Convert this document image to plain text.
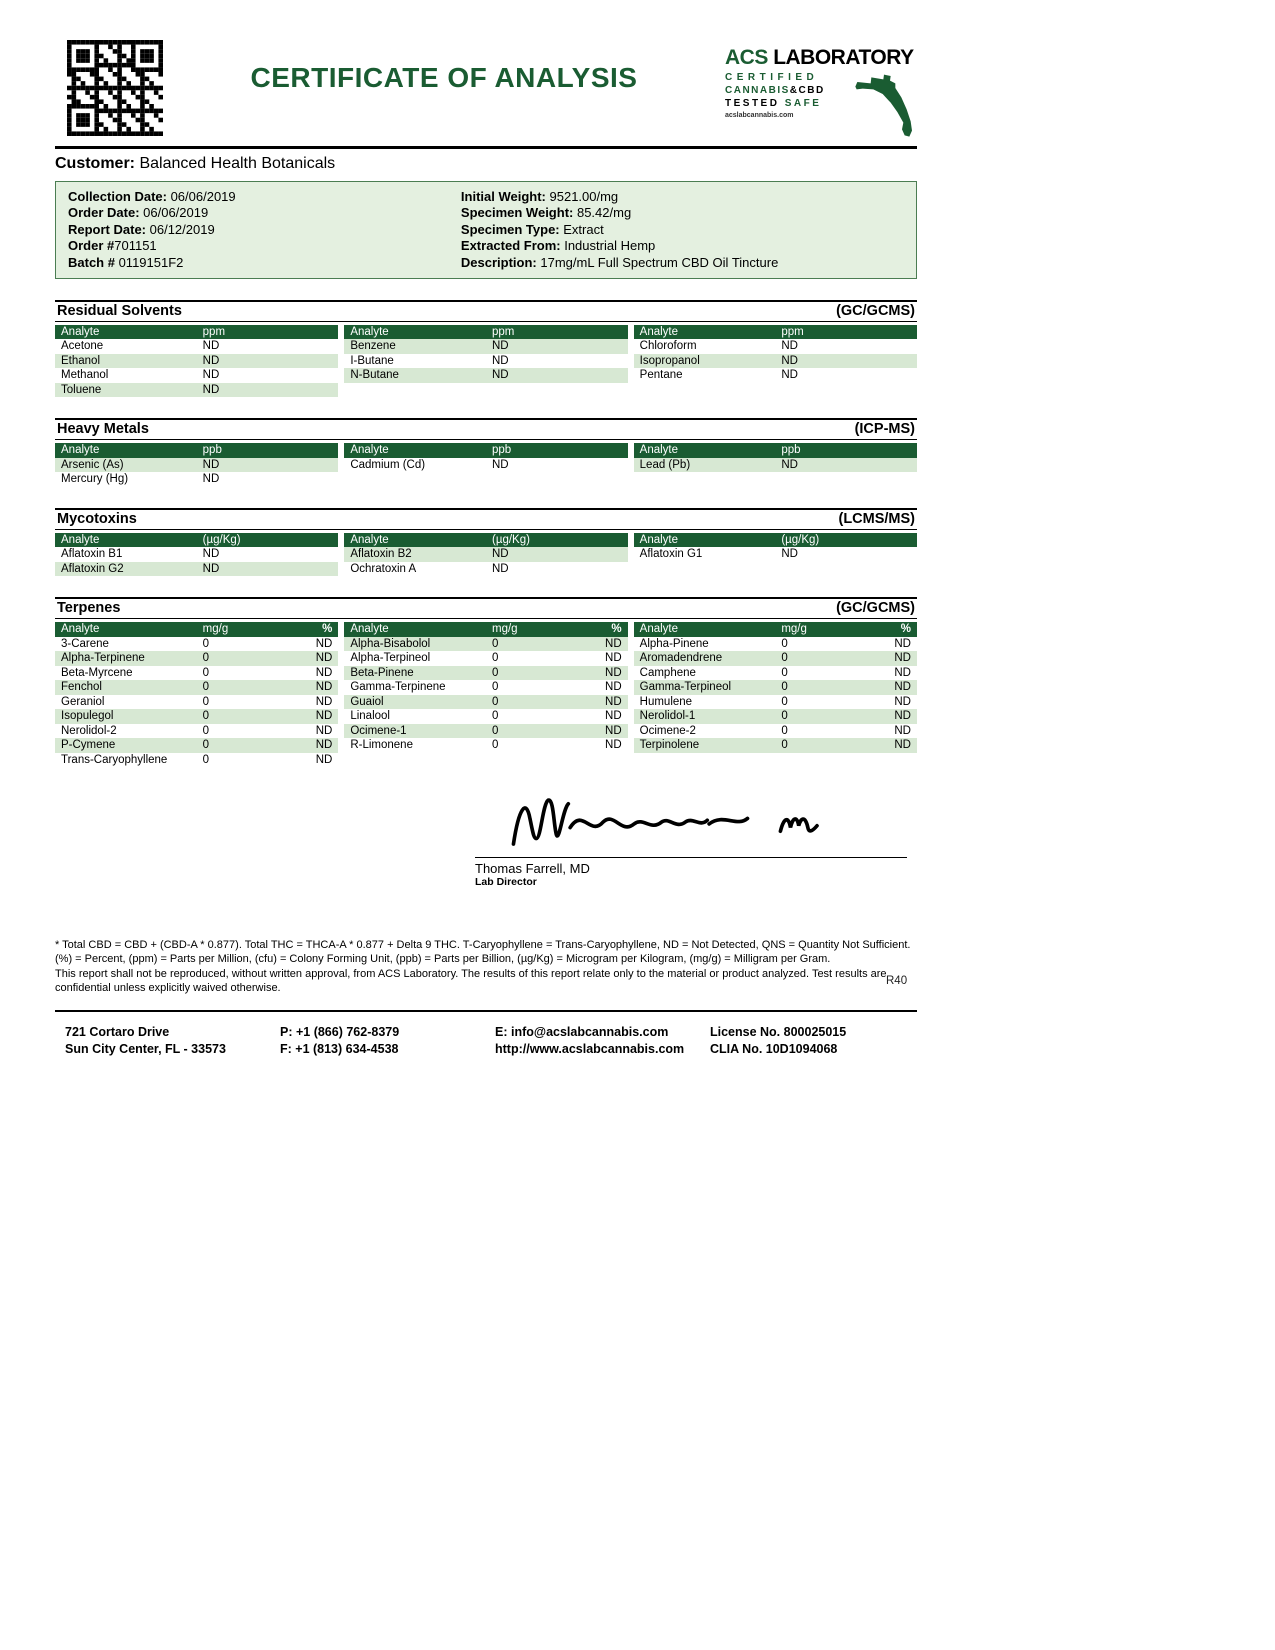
CERTIFICATE OF ANALYSIS
ACS LABORATORY
CERTIFIED
CANNABIS&CBD
TESTED SAFE
acslabcannabis.com
Customer: Balanced Health Botanicals
Collection Date: 06/06/2019
Order Date: 06/06/2019
Report Date: 06/12/2019
Order #701151
Batch # 0119151F2
Initial Weight: 9521.00/mg
Specimen Weight: 85.42/mg
Specimen Type: Extract
Extracted From: Industrial Hemp
Description: 17mg/mL Full Spectrum CBD Oil Tincture
Residual Solvents	(GC/GCMS)
Analyte	ppm
Acetone	ND
Ethanol	ND
Methanol	ND
Toluene	ND
Analyte	ppm
Benzene	ND
I-Butane	ND
N-Butane	ND
Analyte	ppm
Chloroform	ND
Isopropanol	ND
Pentane	ND
Heavy Metals	(ICP-MS)
Analyte	ppb
Arsenic (As)	ND
Mercury (Hg)	ND
Analyte	ppb
Cadmium (Cd)	ND
Analyte	ppb
Lead (Pb)	ND
Mycotoxins	(LCMS/MS)
Analyte	(µg/Kg)
Aflatoxin B1	ND
Aflatoxin G2	ND
Analyte	(µg/Kg)
Aflatoxin B2	ND
Ochratoxin A	ND
Analyte	(µg/Kg)
Aflatoxin G1	ND
Terpenes	(GC/GCMS)
Analyte	mg/g	%
3-Carene	0	ND
Alpha-Terpinene	0	ND
Beta-Myrcene	0	ND
Fenchol	0	ND
Geraniol	0	ND
Isopulegol	0	ND
Nerolidol-2	0	ND
P-Cymene	0	ND
Trans-Caryophyllene	0	ND
Analyte	mg/g	%
Alpha-Bisabolol	0	ND
Alpha-Terpineol	0	ND
Beta-Pinene	0	ND
Gamma-Terpinene	0	ND
Guaiol	0	ND
Linalool	0	ND
Ocimene-1	0	ND
R-Limonene	0	ND
Analyte	mg/g	%
Alpha-Pinene	0	ND
Aromadendrene	0	ND
Camphene	0	ND
Gamma-Terpineol	0	ND
Humulene	0	ND
Nerolidol-1	0	ND
Ocimene-2	0	ND
Terpinolene	0	ND
Thomas Farrell, MD
Lab Director

* Total CBD = CBD + (CBD-A * 0.877). Total THC = THCA-A * 0.877 + Delta 9 THC. T-Caryophyllene = Trans-Caryophyllene, ND = Not Detected, QNS = Quantity Not Sufficient. (%) = Percent, (ppm) = Parts per Million, (cfu) = Colony Forming Unit, (ppb) = Parts per Billion, (µg/Kg) = Microgram per Kilogram, (mg/g) = Milligram per Gram.

This report shall not be reproduced, without written approval, from ACS Laboratory. The results of this report relate only to the material or product analyzed. Test results are confidential unless explicitly waived otherwise.

721 Cortaro Drive
Sun City Center, FL - 33573
P: +1 (866) 762-8379
F: +1 (813) 634-4538
E: info@acslabcannabis.com
http://www.acslabcannabis.com
License No. 800025015
CLIA No. 10D1094068
R40
